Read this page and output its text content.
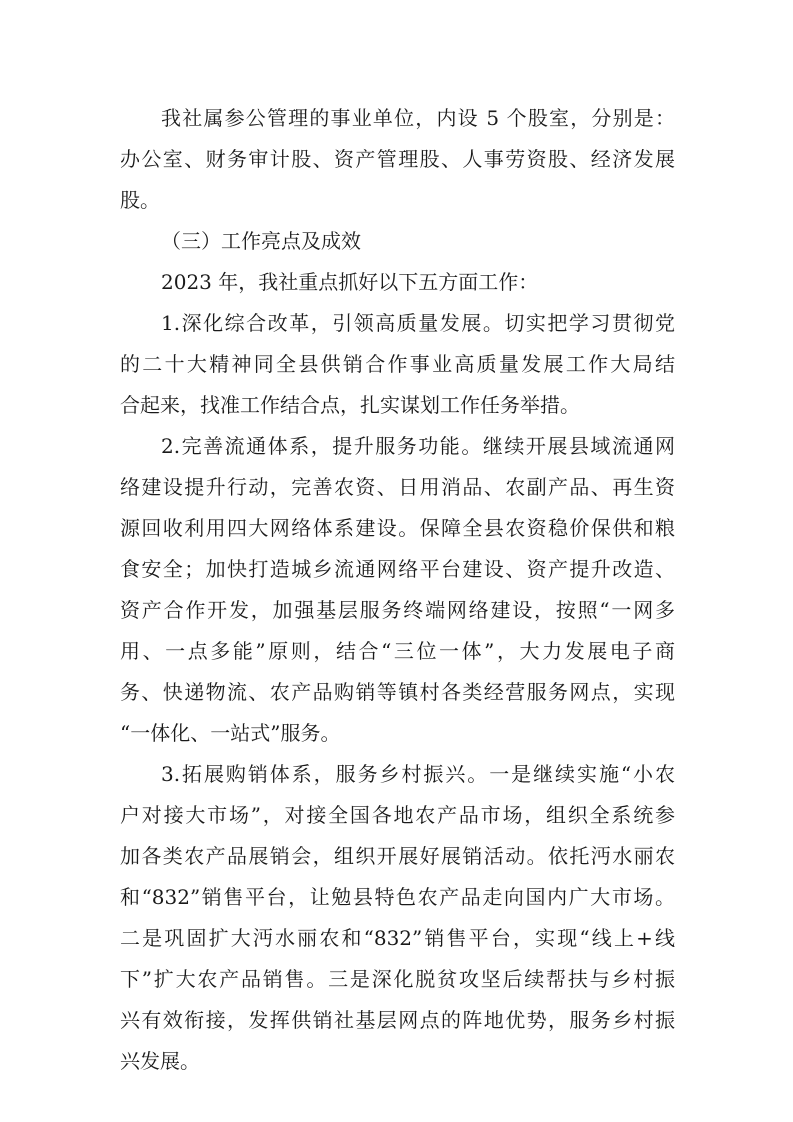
我社属参公管理的事业单位，内设 5 个股室，分别是：
办公室、财务审计股、资产管理股、人事劳资股、经济发展
股。
（三）工作亮点及成效
2023 年，我社重点抓好以下五方面工作：
1.深化综合改革，引领高质量发展。切实把学习贯彻党
的二十大精神同全县供销合作事业高质量发展工作大局结
合起来，找准工作结合点，扎实谋划工作任务举措。
2.完善流通体系，提升服务功能。继续开展县域流通网
络建设提升行动，完善农资、日用消品、农副产品、再生资
源回收利用四大网络体系建设。保障全县农资稳价保供和粮
食安全；加快打造城乡流通网络平台建设、资产提升改造、
资产合作开发，加强基层服务终端网络建设，按照“一网多
用、一点多能”原则，结合“三位一体”，大力发展电子商
务、快递物流、农产品购销等镇村各类经营服务网点，实现
“一体化、一站式”服务。
3.拓展购销体系，服务乡村振兴。一是继续实施“小农
户对接大市场”，对接全国各地农产品市场，组织全系统参
加各类农产品展销会，组织开展好展销活动。依托沔水丽农
和“832”销售平台，让勉县特色农产品走向国内广大市场。
二是巩固扩大沔水丽农和“832”销售平台，实现“线上+线
下”扩大农产品销售。三是深化脱贫攻坚后续帮扶与乡村振
兴有效衔接，发挥供销社基层网点的阵地优势，服务乡村振
兴发展。
